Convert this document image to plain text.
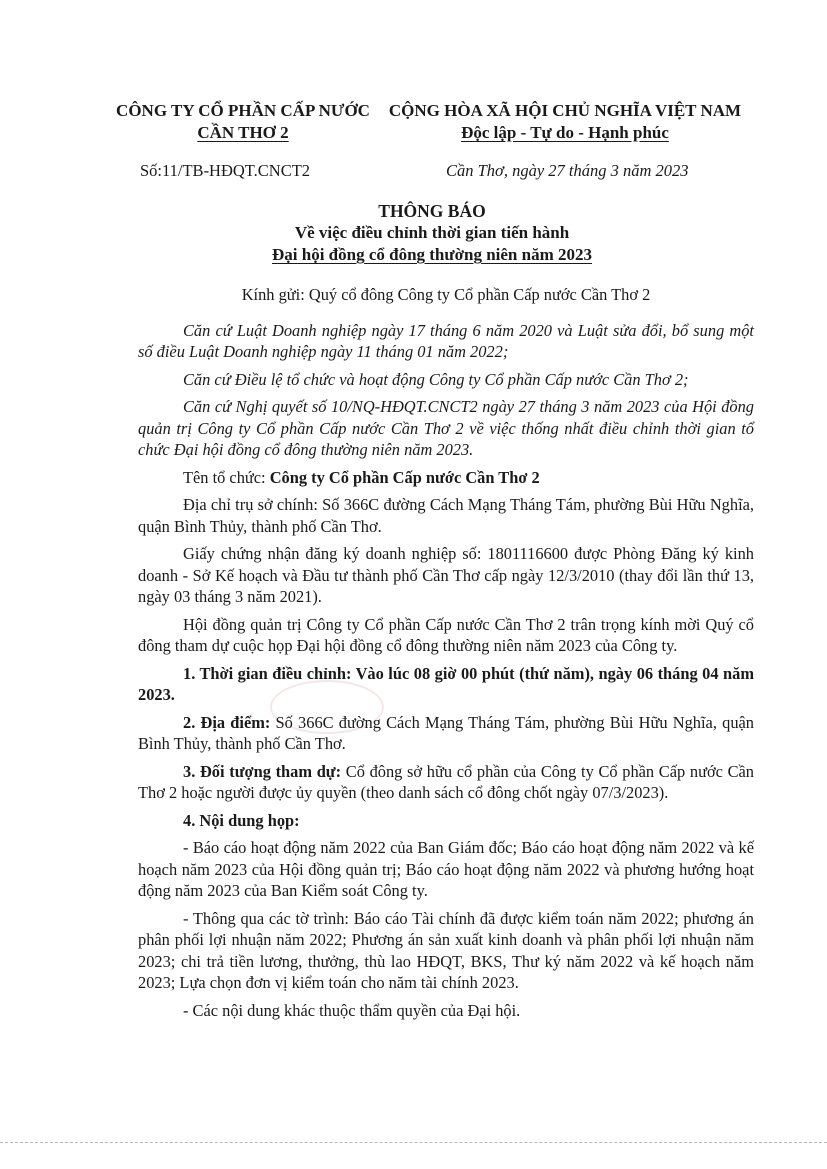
CÔNG TY CỔ PHẦN CẤP NƯỚC
CẦN THƠ 2
CỘNG HÒA XÃ HỘI CHỦ NGHĨA VIỆT NAM
Độc lập - Tự do - Hạnh phúc
Số:11/TB-HĐQT.CNCT2	Cần Thơ, ngày 27 tháng 3 năm 2023
THÔNG BÁO
Về việc điều chỉnh thời gian tiến hành
Đại hội đồng cổ đông thường niên năm 2023

Kính gửi: Quý cổ đông Công ty Cổ phần Cấp nước Cần Thơ 2

Căn cứ Luật Doanh nghiệp ngày 17 tháng 6 năm 2020 và Luật sửa đổi, bổ sung một số điều Luật Doanh nghiệp ngày 11 tháng 01 năm 2022;

Căn cứ Điều lệ tổ chức và hoạt động Công ty Cổ phần Cấp nước Cần Thơ 2;

Căn cứ Nghị quyết số 10/NQ-HĐQT.CNCT2 ngày 27 tháng 3 năm 2023 của Hội đồng quản trị Công ty Cổ phần Cấp nước Cần Thơ 2 về việc thống nhất điều chỉnh thời gian tổ chức Đại hội đồng cổ đông thường niên năm 2023.

Tên tổ chức: Công ty Cổ phần Cấp nước Cần Thơ 2

Địa chỉ trụ sở chính: Số 366C đường Cách Mạng Tháng Tám, phường Bùi Hữu Nghĩa, quận Bình Thủy, thành phố Cần Thơ.

Giấy chứng nhận đăng ký doanh nghiệp số: 1801116600 được Phòng Đăng ký kinh doanh - Sở Kế hoạch và Đầu tư thành phố Cần Thơ cấp ngày 12/3/2010 (thay đổi lần thứ 13, ngày 03 tháng 3 năm 2021).

Hội đồng quản trị Công ty Cổ phần Cấp nước Cần Thơ 2 trân trọng kính mời Quý cổ đông tham dự cuộc họp Đại hội đồng cổ đông thường niên năm 2023 của Công ty.

1. Thời gian điều chỉnh: Vào lúc 08 giờ 00 phút (thứ năm), ngày 06 tháng 04 năm 2023.

2. Địa điểm: Số 366C đường Cách Mạng Tháng Tám, phường Bùi Hữu Nghĩa, quận Bình Thủy, thành phố Cần Thơ.

3. Đối tượng tham dự: Cổ đông sở hữu cổ phần của Công ty Cổ phần Cấp nước Cần Thơ 2 hoặc người được ủy quyền (theo danh sách cổ đông chốt ngày 07/3/2023).

4. Nội dung họp:

- Báo cáo hoạt động năm 2022 của Ban Giám đốc; Báo cáo hoạt động năm 2022 và kế hoạch năm 2023 của Hội đồng quản trị; Báo cáo hoạt động năm 2022 và phương hướng hoạt động năm 2023 của Ban Kiểm soát Công ty.

- Thông qua các tờ trình: Báo cáo Tài chính đã được kiểm toán năm 2022; phương án phân phối lợi nhuận năm 2022; Phương án sản xuất kinh doanh và phân phối lợi nhuận năm 2023; chi trả tiền lương, thưởng, thù lao HĐQT, BKS, Thư ký năm 2022 và kế hoạch năm 2023; Lựa chọn đơn vị kiểm toán cho năm tài chính 2023.

- Các nội dung khác thuộc thẩm quyền của Đại hội.
